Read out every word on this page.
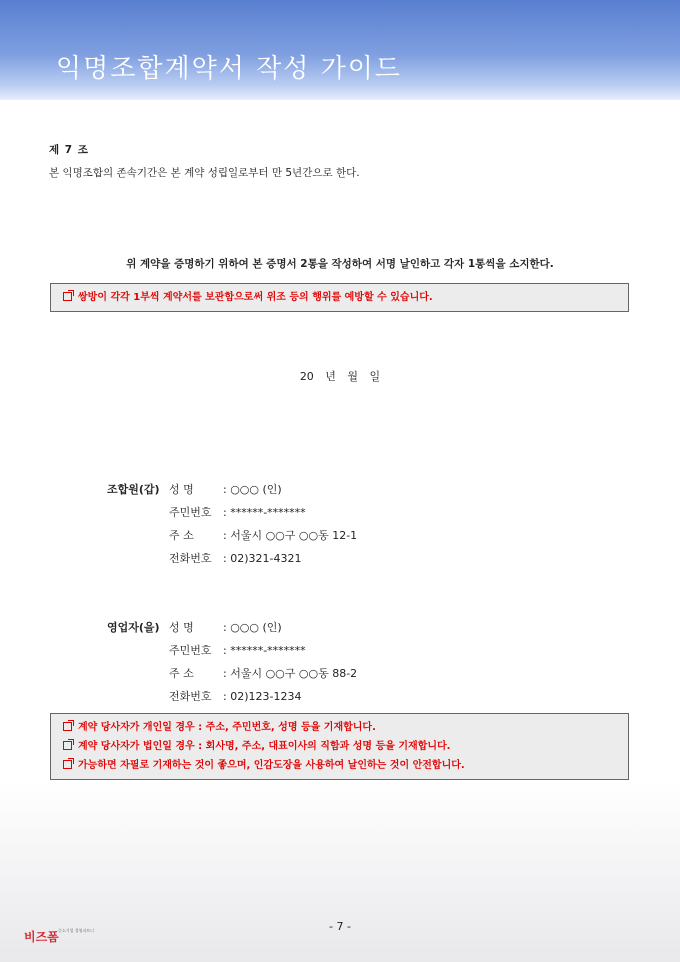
익명조합계약서 작성 가이드
제 7 조
본 익명조합의 존속기간은 본 계약 성립일로부터 만 5년간으로 한다.
위 계약을 증명하기 위하여 본 증명서 2통을 작성하여 서명 날인하고 각자 1통씩을 소지한다.
쌍방이 각각 1부씩 계약서를 보관함으로써 위조 등의 행위를 예방할 수 있습니다.
20 년 월 일
조합원(갑) 성 명	: ○○○ (인)
주민번호 : ******-*******
주 소	: 서울시 ○○구 ○○동 12-1
전화번호 : 02)321-4321
영업자(을) 성 명	: ○○○ (인)
주민번호 : ******-*******
주 소	: 서울시 ○○구 ○○동 88-2
전화번호 : 02)123-1234
계약 당사자가 개인일 경우 : 주소, 주민번호, 성명 등을 기재합니다.
계약 당사자가 법인일 경우 : 회사명, 주소, 대표이사의 직함과 성명 등을 기재합니다.
가능하면 자필로 기재하는 것이 좋으며, 인감도장을 사용하여 날인하는 것이 안전합니다.
비즈폼 중소기업 경영파트너	- 7 -
